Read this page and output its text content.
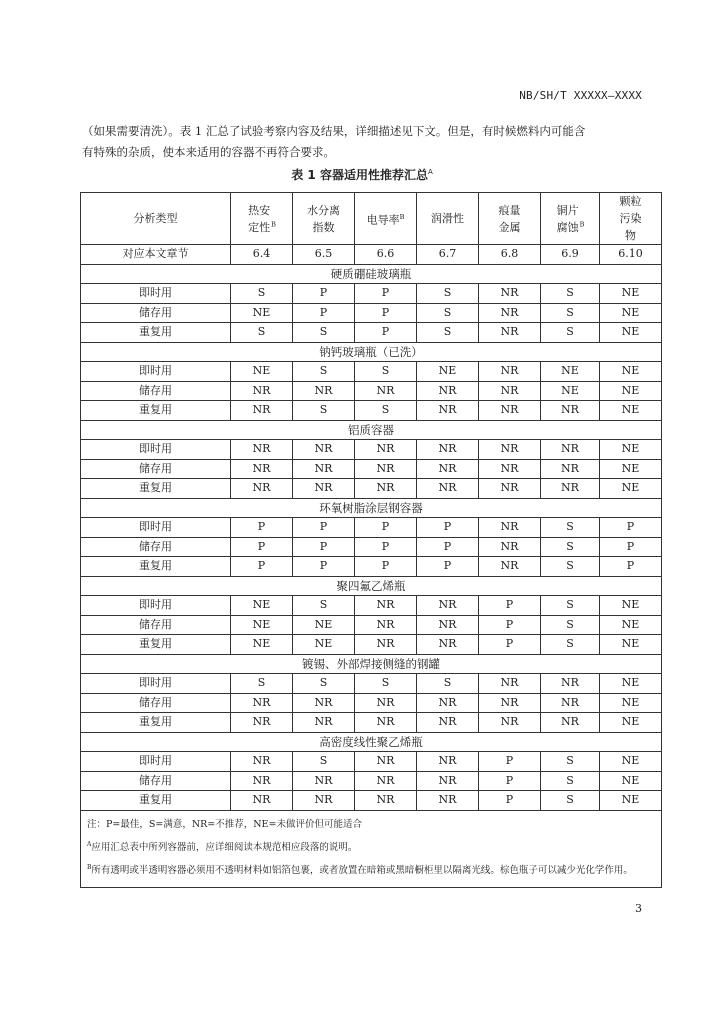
NB/SH/T XXXXX—XXXX

（如果需要清洗）。表 1 汇总了试验考察内容及结果，详细描述见下文。但是，有时候燃料内可能含

有特殊的杂质，使本来适用的容器不再符合要求。

表 1 容器适用性推荐汇总$^A$
分析类型	热安定性$^B$	水分离指数	电导率$^B$	润滑性	痕量金属	铜片腐蚀$^B$	颗粒污染物
对应本文章节	6.4	6.5	6.6	6.7	6.8	6.9	6.10
硬质硼硅玻璃瓶							
即时用	S	P	P	S	NR	S	NE
储存用	NE	P	P	S	NR	S	NE
重复用	S	S	P	S	NR	S	NE
钠钙玻璃瓶（已洗）							
即时用	NE	S	S	NE	NR	NE	NE
储存用	NR	NR	NR	NR	NR	NE	NE
重复用	NR	S	S	NR	NR	NR	NE
铝质容器							
即时用	NR	NR	NR	NR	NR	NR	NE
储存用	NR	NR	NR	NR	NR	NR	NE
重复用	NR	NR	NR	NR	NR	NR	NE
环氧树脂涂层钢容器							
即时用	P	P	P	P	NR	S	P
储存用	P	P	P	P	NR	S	P
重复用	P	P	P	P	NR	S	P
聚四氟乙烯瓶							
即时用	NE	S	NR	NR	P	S	NE
储存用	NE	NE	NR	NR	P	S	NE
重复用	NE	NE	NR	NR	P	S	NE
镀锡、外部焊接侧缝的钢罐							
即时用	S	S	S	S	NR	NR	NE
储存用	NR	NR	NR	NR	NR	NR	NE
重复用	NR	NR	NR	NR	NR	NR	NE
高密度线性聚乙烯瓶							
即时用	NR	S	NR	NR	P	S	NE
储存用	NR	NR	NR	NR	P	S	NE
重复用	NR	NR	NR	NR	P	S	NE

注：P=最佳，S=满意，NR=不推荐，NE=未做评价但可能适合
$^A$应用汇总表中所列容器前，应详细阅读本规范相应段落的说明。
$^B$所有透明或半透明容器必须用不透明材料如铝箔包裹，或者放置在暗箱或黑暗橱柜里以隔离光线。棕色瓶子可以减少光化学作用。							
3
